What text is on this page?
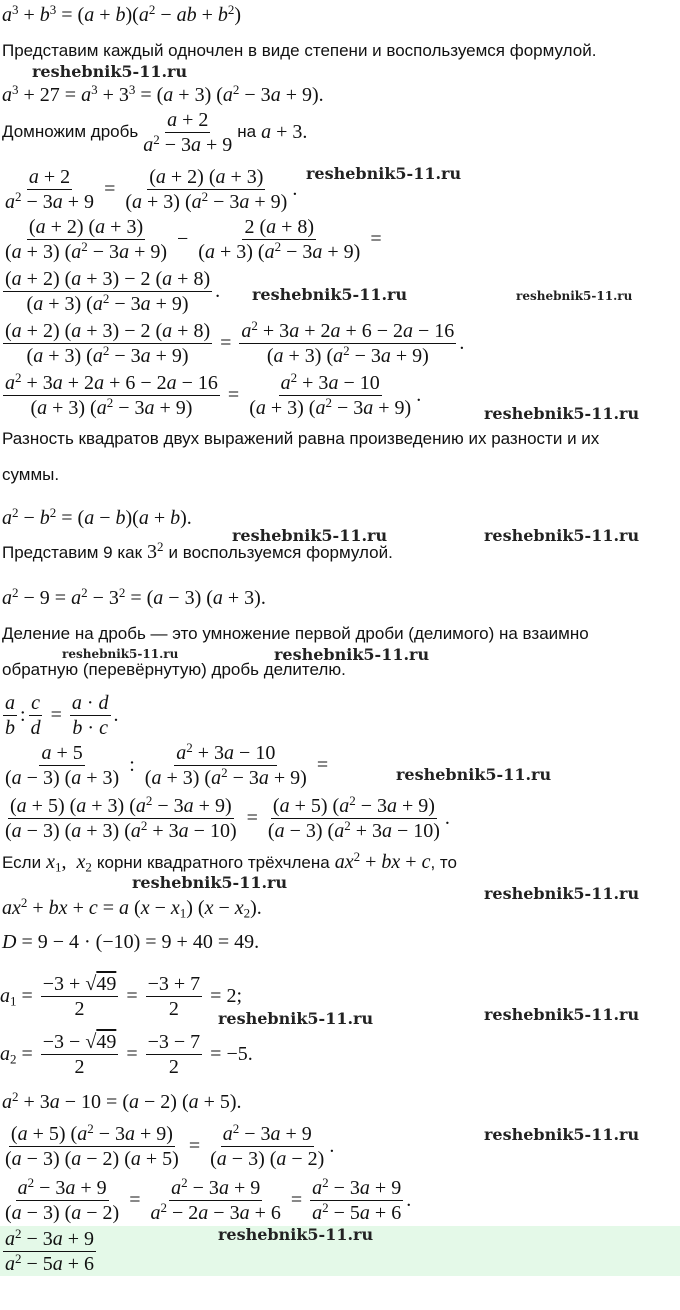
$a^3 + b^3 = (a + b)(a^2$ − ab + $b^2$)
Представим каждый одночлен в виде степени и воспользуемся формулой.
reshebnik5-11.ru
$a^3 + 27 = a^3 + 3^3 = (a + 3) (a^2 - 3a + 9)$.
Домножим дробь $\frac{a + 2}{a^2 - 3a + 9}$ на a + 3.
$\frac{a + 2}{a^2 - 3a + 9} = \frac{(a + 2) (a + 3)}{(a + 3) (a^2 - 3a + 9)}$ .
reshebnik5-11.ru
$\frac{(a + 2) (a + 3)}{(a + 3) (a^2 - 3a + 9)} - \frac{2 (a + 8)}{(a + 3) (a^2 - 3a + 9)}$ =
$\frac{(a + 2) (a + 3) - 2 (a + 8)}{(a + 3) (a^2 - 3a + 9)}$ . reshebnik5-11.ru	reshebnik5-11.ru
$\frac{(a + 2) (a + 3) - 2 (a + 8)}{(a + 3) (a^2 - 3a + 9)} = \frac{a^2 + 3a + 2a + 6 - 2a - 16}{(a + 3) (a^2 - 3a + 9)}$ .
$\frac{a^2 + 3a + 2a + 6 - 2a - 16}{(a + 3) (a^2 - 3a + 9)} = \frac{a^2 + 3a - 10}{(a + 3) (a^2 - 3a + 9)}$ .
reshebnik5-11.ru
Разность квадратов двух выражений равна произведению их разности и их
суммы.
$a^2 - b^2 = (a - b)(a + b)$.
reshebnik5-11.ru	reshebnik5-11.ru
Представим 9 как $3^2$ и воспользуемся формулой.
$a^2 - 9 = a^2 - 3^2 = (a - 3) (a + 3)$.
Деление на дробь — это умножение первой дроби (делимого) на взаимно
reshebnik5-11.ru	reshebnik5-11.ru
обратную (перевёрнутую) дробь делителю.
$\frac{a}{b}$ : $\frac{c}{d} = \frac{a \cdot d}{b \cdot c}$ .
$\frac{a + 5}{(a - 3) (a + 3)}$ : $\frac{a^2 + 3a - 10}{(a + 3) (a^2 - 3a + 9)}$ =	reshebnik5-11.ru
$\frac{(a + 5) (a + 3) (a^2 - 3a + 9)}{(a - 3) (a + 3) (a^2 + 3a - 10)} = \frac{(a + 5) (a^2 - 3a + 9)}{(a - 3) (a^2 + 3a - 10)}$ .
Если $x_1$,  $x_2$ корни квадратного трёхчлена $ax^2$ + bx + c , то
reshebnik5-11.ru
reshebnik5-11.ru
$ax^2$ + bx + c = a $(x - x_1)$ $(x - x_2)$.
D = 9 − 4 · (−10) = 9 + 40 = 49.
$a_1 = \frac{-3 + √49}{2} = \frac{-3 + 7}{2} = 2$;
reshebnik5-11.ru	reshebnik5-11.ru
$a_2 = \frac{-3 - √49}{2} = \frac{-3 - 7}{2} = -5$.
$a^2 + 3a - 10 = (a - 2) (a + 5)$.
$\frac{(a + 5) (a^2 - 3a + 9)}{(a - 3) (a - 2) (a + 5)} = \frac{a^2 - 3a + 9}{(a - 3) (a - 2)}$ .	reshebnik5-11.ru
$\frac{a^2 - 3a + 9}{(a - 3) (a - 2)} = \frac{a^2 - 3a + 9}{a^2 - 2a - 3a + 6} = \frac{a^2 - 3a + 9}{a^2 - 5a + 6}$ .
$\frac{a^2 - 3a + 9}{a^2 - 5a + 6}$	reshebnik5-11.ru
